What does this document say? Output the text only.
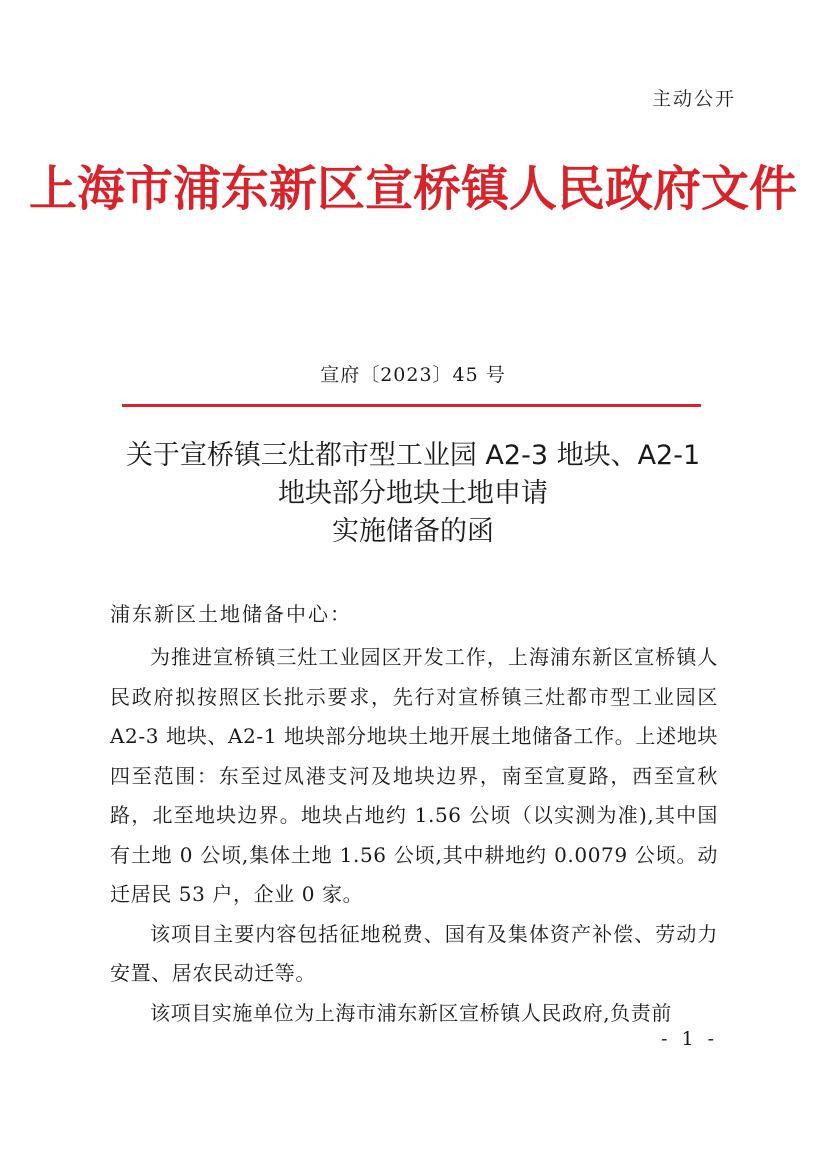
主动公开
上海市浦东新区宣桥镇人民政府文件
宣府〔2023〕45 号
关于宣桥镇三灶都市型工业园 A2-3 地块、A2-1
地块部分地块土地申请
实施储备的函
浦东新区土地储备中心：

为推进宣桥镇三灶工业园区开发工作，上海浦东新区宣桥镇人民政府拟按照区长批示要求，先行对宣桥镇三灶都市型工业园区 A2-3 地块、A2-1 地块部分地块土地开展土地储备工作。上述地块四至范围：东至过凤港支河及地块边界，南至宣夏路，西至宣秋路，北至地块边界。地块占地约 1.56 公顷（以实测为准),其中国有土地 0 公顷,集体土地 1.56 公顷,其中耕地约 0.0079 公顷。动迁居民 53 户，企业 0 家。

该项目主要内容包括征地税费、国有及集体资产补偿、劳动力安置、居农民动迁等。

该项目实施单位为上海市浦东新区宣桥镇人民政府,负责前

- 1 -
